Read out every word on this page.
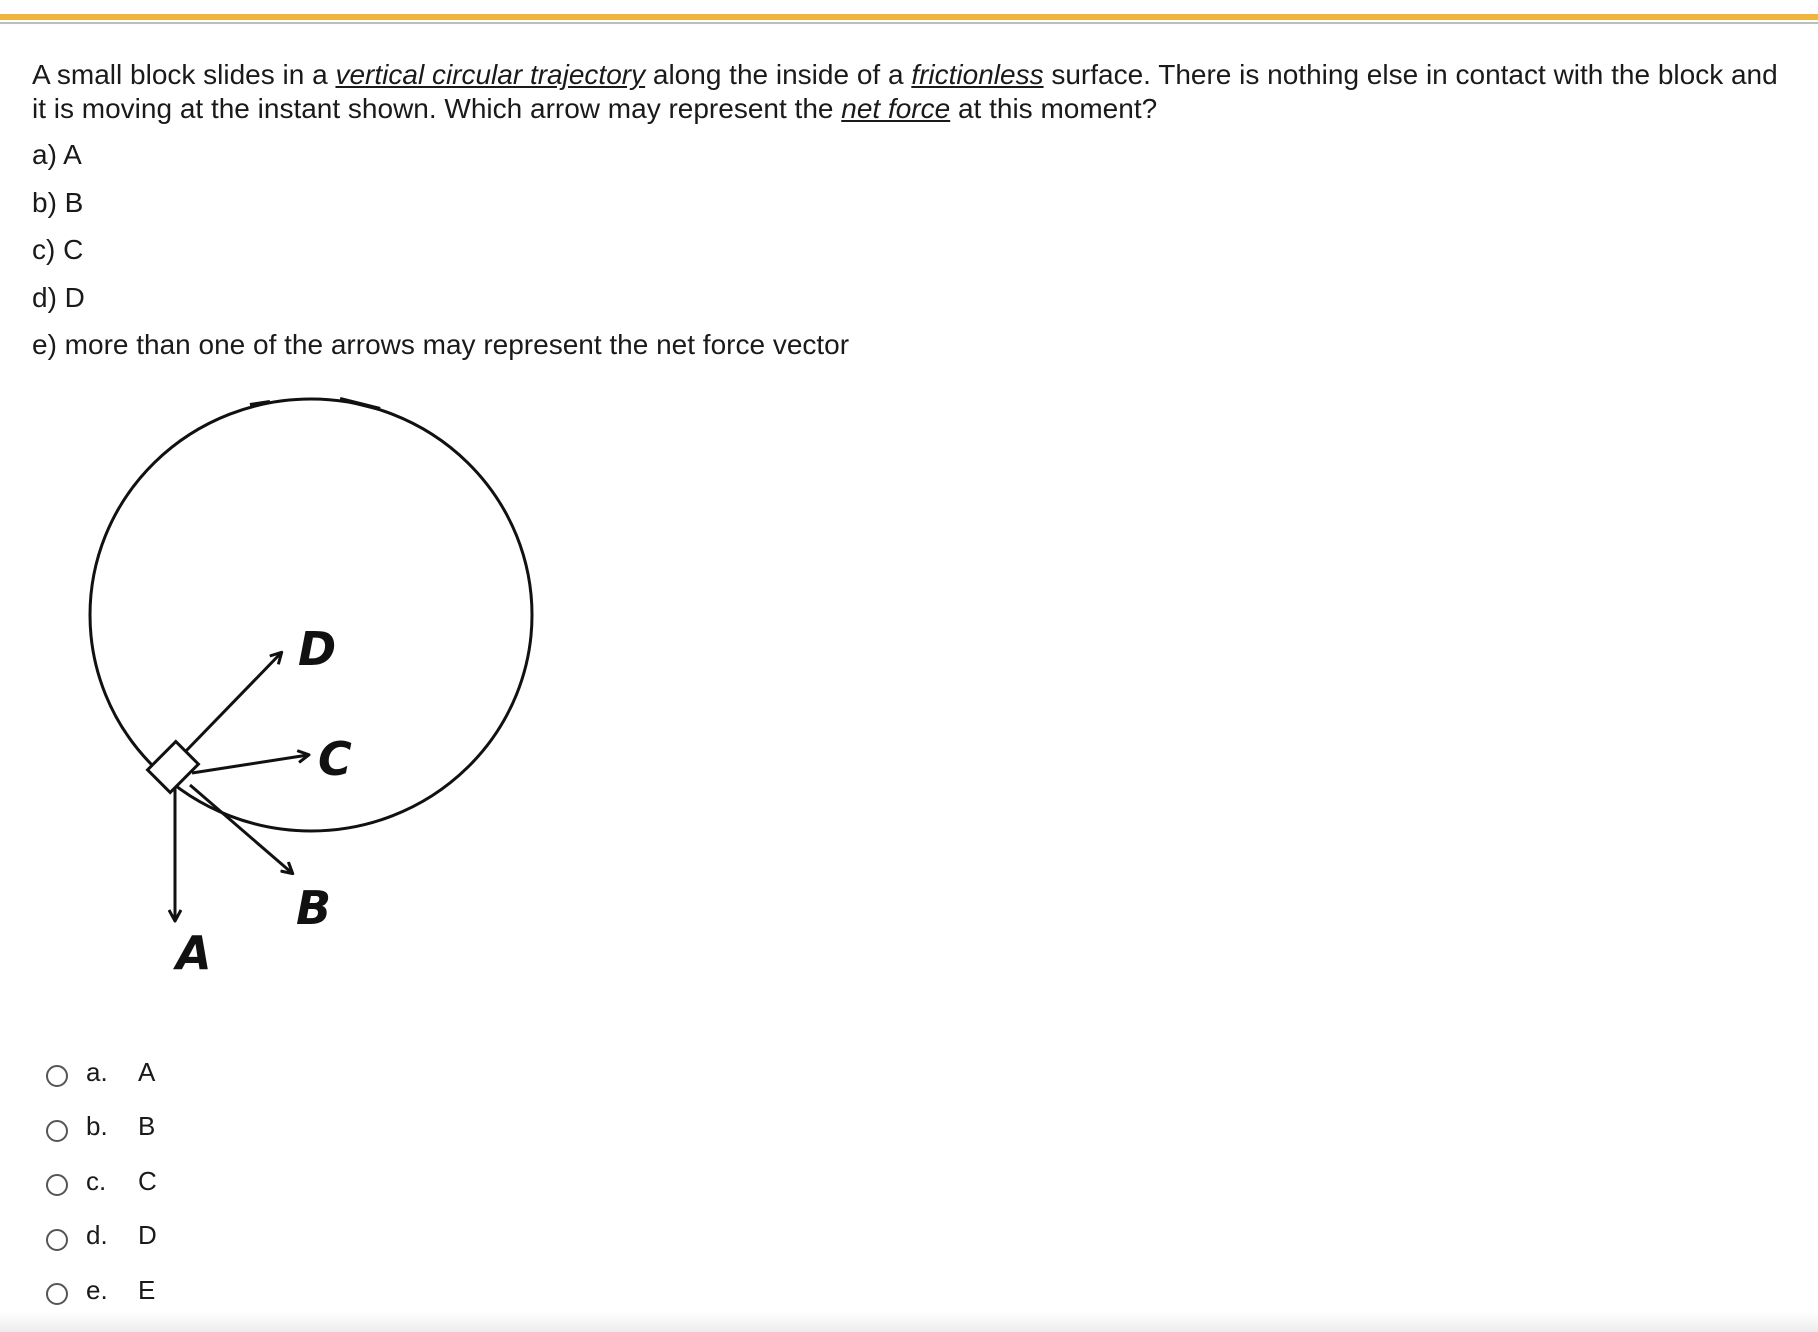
A small block slides in a vertical circular trajectory along the inside of a frictionless surface. There is nothing else in contact with the block and it is moving at the instant shown. Which arrow may represent the net force at this moment?
a) A
b) B
c) C
d) D
e) more than one of the arrows may represent the net force vector
A
B
C
D
a.	A
b.	B
c.	C
d.	D
e.	E
